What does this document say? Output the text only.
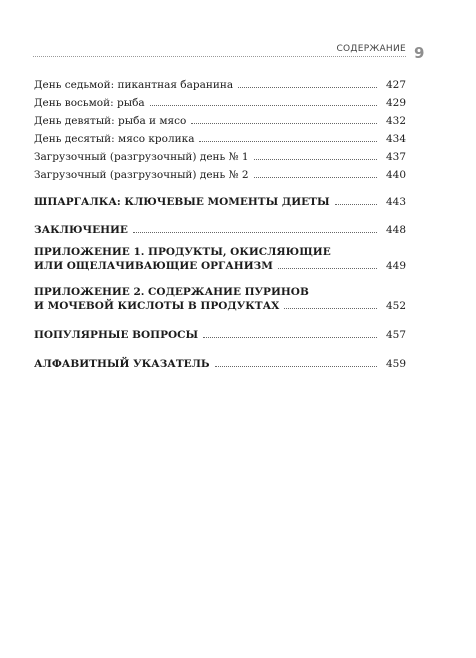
СОДЕРЖАНИЕ 9
День седьмой: пикантная баранина	427
День восьмой: рыба	429
День девятый: рыба и мясо	432
День десятый: мясо кролика	434
Загрузочный (разгрузочный) день № 1	437
Загрузочный (разгрузочный) день № 2	440
ШПАРГАЛКА: КЛЮЧЕВЫЕ МОМЕНТЫ ДИЕТЫ	443
ЗАКЛЮЧЕНИЕ	448
ПРИЛОЖЕНИЕ 1. ПРОДУКТЫ, ОКИСЛЯЮЩИЕ
ИЛИ ОЩЕЛАЧИВАЮЩИЕ ОРГАНИЗМ	449
ПРИЛОЖЕНИЕ 2. СОДЕРЖАНИЕ ПУРИНОВ
И МОЧЕВОЙ КИСЛОТЫ В ПРОДУКТАХ	452
ПОПУЛЯРНЫЕ ВОПРОСЫ	457
АЛФАВИТНЫЙ УКАЗАТЕЛЬ	459
